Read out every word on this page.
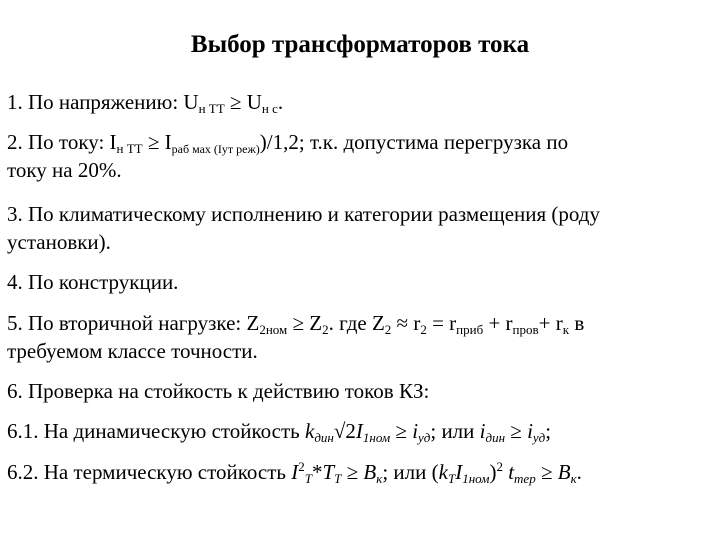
Выбор трансформаторов тока
1. По напряжению: $U_{н ТТ} \ge U_{н с}$.
2. По току: $I_{н ТТ} \ge I_{раб мах (Iут реж)})/1,2$; т.к. допустима перегрузка по
току на 20%.
3. По климатическому исполнению и категории размещения (роду
установки).
4. По конструкции.
5. По вторичной нагрузке: $Z_{2ном} \ge Z_2$. где $Z_2 \approx r_2 = r_{приб} + r_{пров}+ r_к$ в
требуемом классе точности.
6. Проверка на стойкость к действию токов КЗ:
6.1. На динамическую стойкость $k_{дин}√2I_{1ном} \ge i_{уд}$; или $i_{дин} \ge i_{уд}$;
6.2. На термическую стойкость $I^2_T*T_T \ge B_к$; или $(k_TI_{1ном})^2$ $t_{тер} \ge B_к$.
